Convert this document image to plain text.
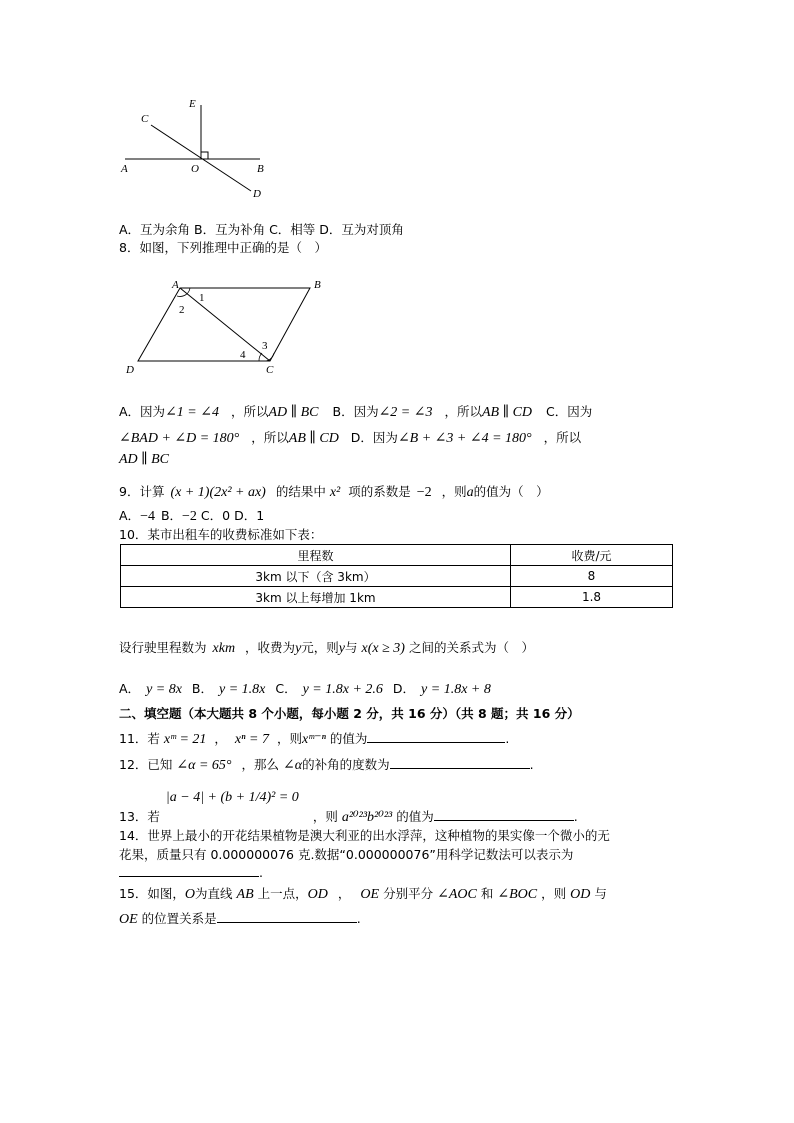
E
C
A	O	B
D
A．互为余角 B．互为补角 C．相等 D．互为对顶角
8．如图，下列推理中正确的是（　）
A	B
C
D
1
2
3
4
A．因为∠1 = ∠4 ，所以AD ∥ BC B．因为∠2 = ∠3 ，所以AB ∥ CD C．因为
∠BAD + ∠D = 180° ，所以AB ∥ CD D．因为∠B + ∠3 + ∠4 = 180° ，所以
AD ∥ BC
9．计算 (x + 1)(2x² + ax) 的结果中 x² 项的系数是 −2 ，则a的值为（　）
A．−4 B．−2 C．0 D．1
10．某市出租车的收费标准如下表：
里程数	收费/元
3km 以下（含 3km）	8
3km 以上每增加 1km	1.8
设行驶里程数为 xkm ，收费为y元，则y与 x(x ≥ 3) 之间的关系式为（　）
A． y = 8x B． y = 1.8x C． y = 1.8x + 2.6 D． y = 1.8x + 8
二、填空题（本大题共 8 个小题，每小题 2 分，共 16 分）（共 8 题；共 16 分）
11．若 xᵐ = 21 ， xⁿ = 7 ，则xᵐ⁻ⁿ 的值为	.
12．已知 ∠α = 65° ，那么 ∠α的补角的度数为	.
13．若|a − 4| + (b + 1/4)² = 0，则 a²⁰²³b²⁰²³ 的值为	.
14．世界上最小的开花结果植物是澳大利亚的出水浮萍，这种植物的果实像一个微小的无
花果，质量只有 0.000000076 克.数据“0.000000076”用科学记数法可以表示为
.
15．如图，O为直线 AB 上一点，OD ， OE 分别平分 ∠AOC 和 ∠BOC ，则 OD 与
OE 的位置关系是	.
